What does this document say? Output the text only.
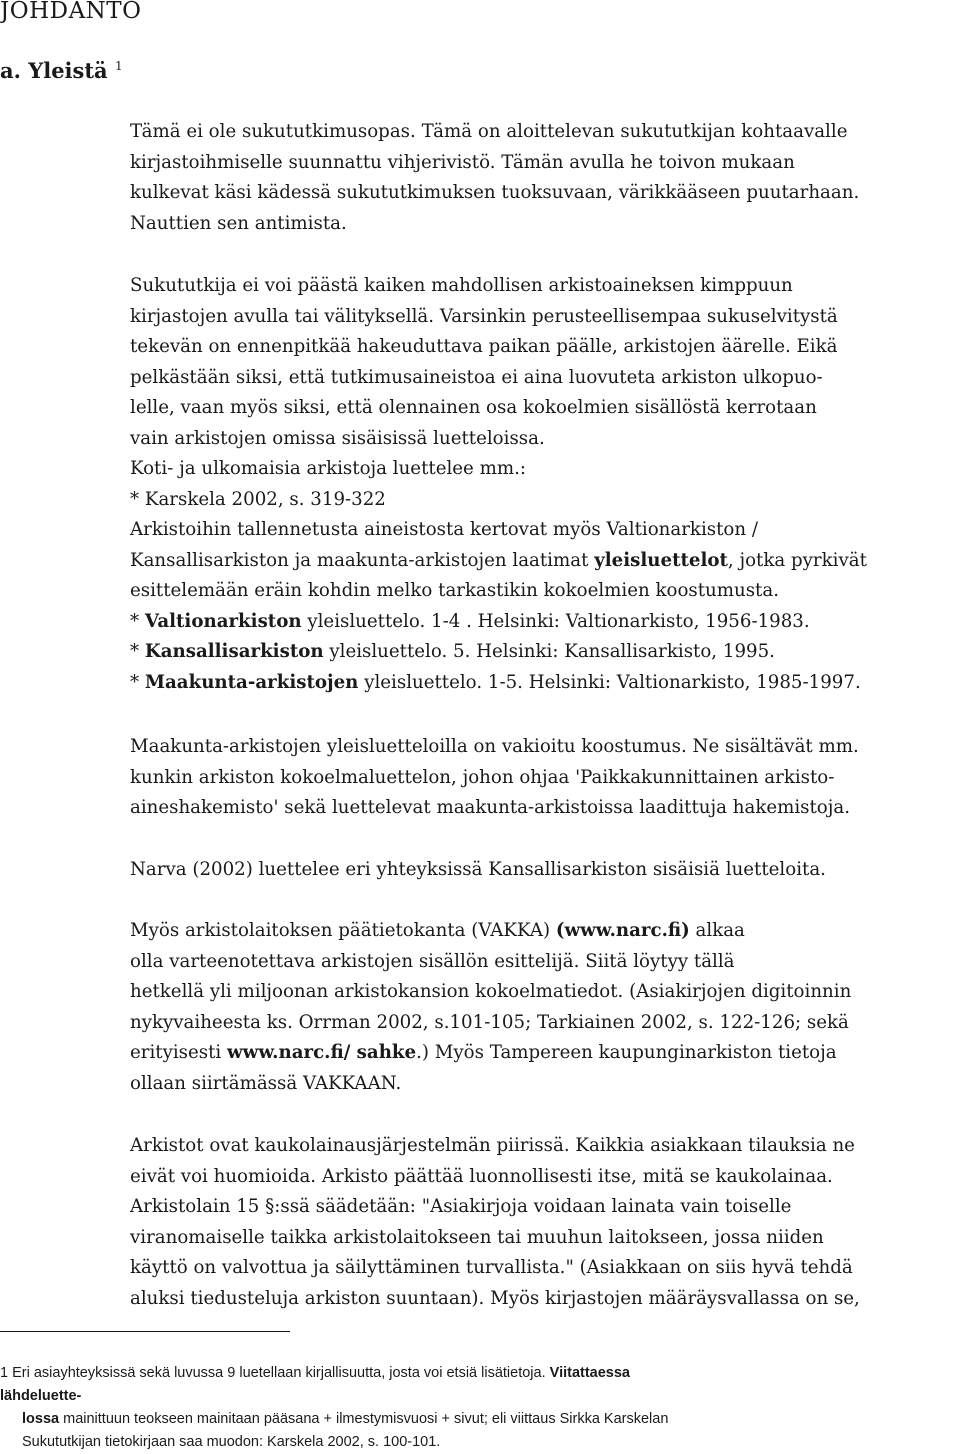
JOHDANTO
a. Yleistä $^1$
Tämä ei ole sukututkimusopas. Tämä on aloittelevan sukututkijan kohtaavalle
kirjastoihmiselle suunnattu vihjerivistö. Tämän avulla he toivon mukaan
kulkevat käsi kädessä sukututkimuksen tuoksuvaan, värikkääseen puutarhaan.
Nauttien sen antimista.
Sukututkija ei voi päästä kaiken mahdollisen arkistoaineksen kimppuun
kirjastojen avulla tai välityksellä. Varsinkin perusteellisempaa sukuselvitystä
tekevän on ennenpitkää hakeuduttava paikan päälle, arkistojen äärelle. Eikä
pelkästään siksi, että tutkimusaineistoa ei aina luovuteta arkiston ulkopuo-
lelle, vaan myös siksi, että olennainen osa kokoelmien sisällöstä kerrotaan
vain arkistojen omissa sisäisissä luetteloissa.
Koti- ja ulkomaisia arkistoja luettelee mm.:
* Karskela 2002, s. 319-322
Arkistoihin tallennetusta aineistosta kertovat myös Valtionarkiston /
Kansallisarkiston ja maakunta-arkistojen laatimat yleisluettelot, jotka pyrkivät
esittelemään eräin kohdin melko tarkastikin kokoelmien koostumusta.
* Valtionarkiston yleisluettelo. 1-4 . Helsinki: Valtionarkisto, 1956-1983.
* Kansallisarkiston yleisluettelo. 5. Helsinki: Kansallisarkisto, 1995.
* Maakunta-arkistojen yleisluettelo. 1-5. Helsinki: Valtionarkisto, 1985-1997.
Maakunta-arkistojen yleisluetteloilla on vakioitu koostumus. Ne sisältävät mm.
kunkin arkiston kokoelmaluettelon, johon ohjaa 'Paikkakunnittainen arkisto-
aineshakemisto' sekä luettelevat maakunta-arkistoissa laadittuja hakemistoja.
Narva (2002) luettelee eri yhteyksissä Kansallisarkiston sisäisiä luetteloita.
Myös arkistolaitoksen päätietokanta (VAKKA) (www.narc.fi) alkaa
olla varteenotettava arkistojen sisällön esittelijä. Siitä löytyy tällä
hetkellä yli miljoonan arkistokansion kokoelmatiedot. (Asiakirjojen digitoinnin
nykyvaiheesta ks. Orrman 2002, s.101-105; Tarkiainen 2002, s. 122-126; sekä
erityisesti www.narc.fi/ sahke.) Myös Tampereen kaupunginarkiston tietoja
ollaan siirtämässä VAKKAAN.
Arkistot ovat kaukolainausjärjestelmän piirissä. Kaikkia asiakkaan tilauksia ne
eivät voi huomioida. Arkisto päättää luonnollisesti itse, mitä se kaukolainaa.
Arkistolain 15 §:ssä säädetään: "Asiakirjoja voidaan lainata vain toiselle
viranomaiselle taikka arkistolaitokseen tai muuhun laitokseen, jossa niiden
käyttö on valvottua ja säilyttäminen turvallista." (Asiakkaan on siis hyvä tehdä
aluksi tiedusteluja arkiston suuntaan). Myös kirjastojen määräysvallassa on se,
1 Eri asiayhteyksissä sekä luvussa 9 luetellaan kirjallisuutta, josta voi etsiä lisätietoja. Viitattaessa
lähdeluette-
lossa mainittuun teokseen mainitaan pääsana + ilmestymisvuosi + sivut; eli viittaus Sirkka Karskelan
Sukututkijan tietokirjaan saa muodon: Karskela 2002, s. 100-101.
